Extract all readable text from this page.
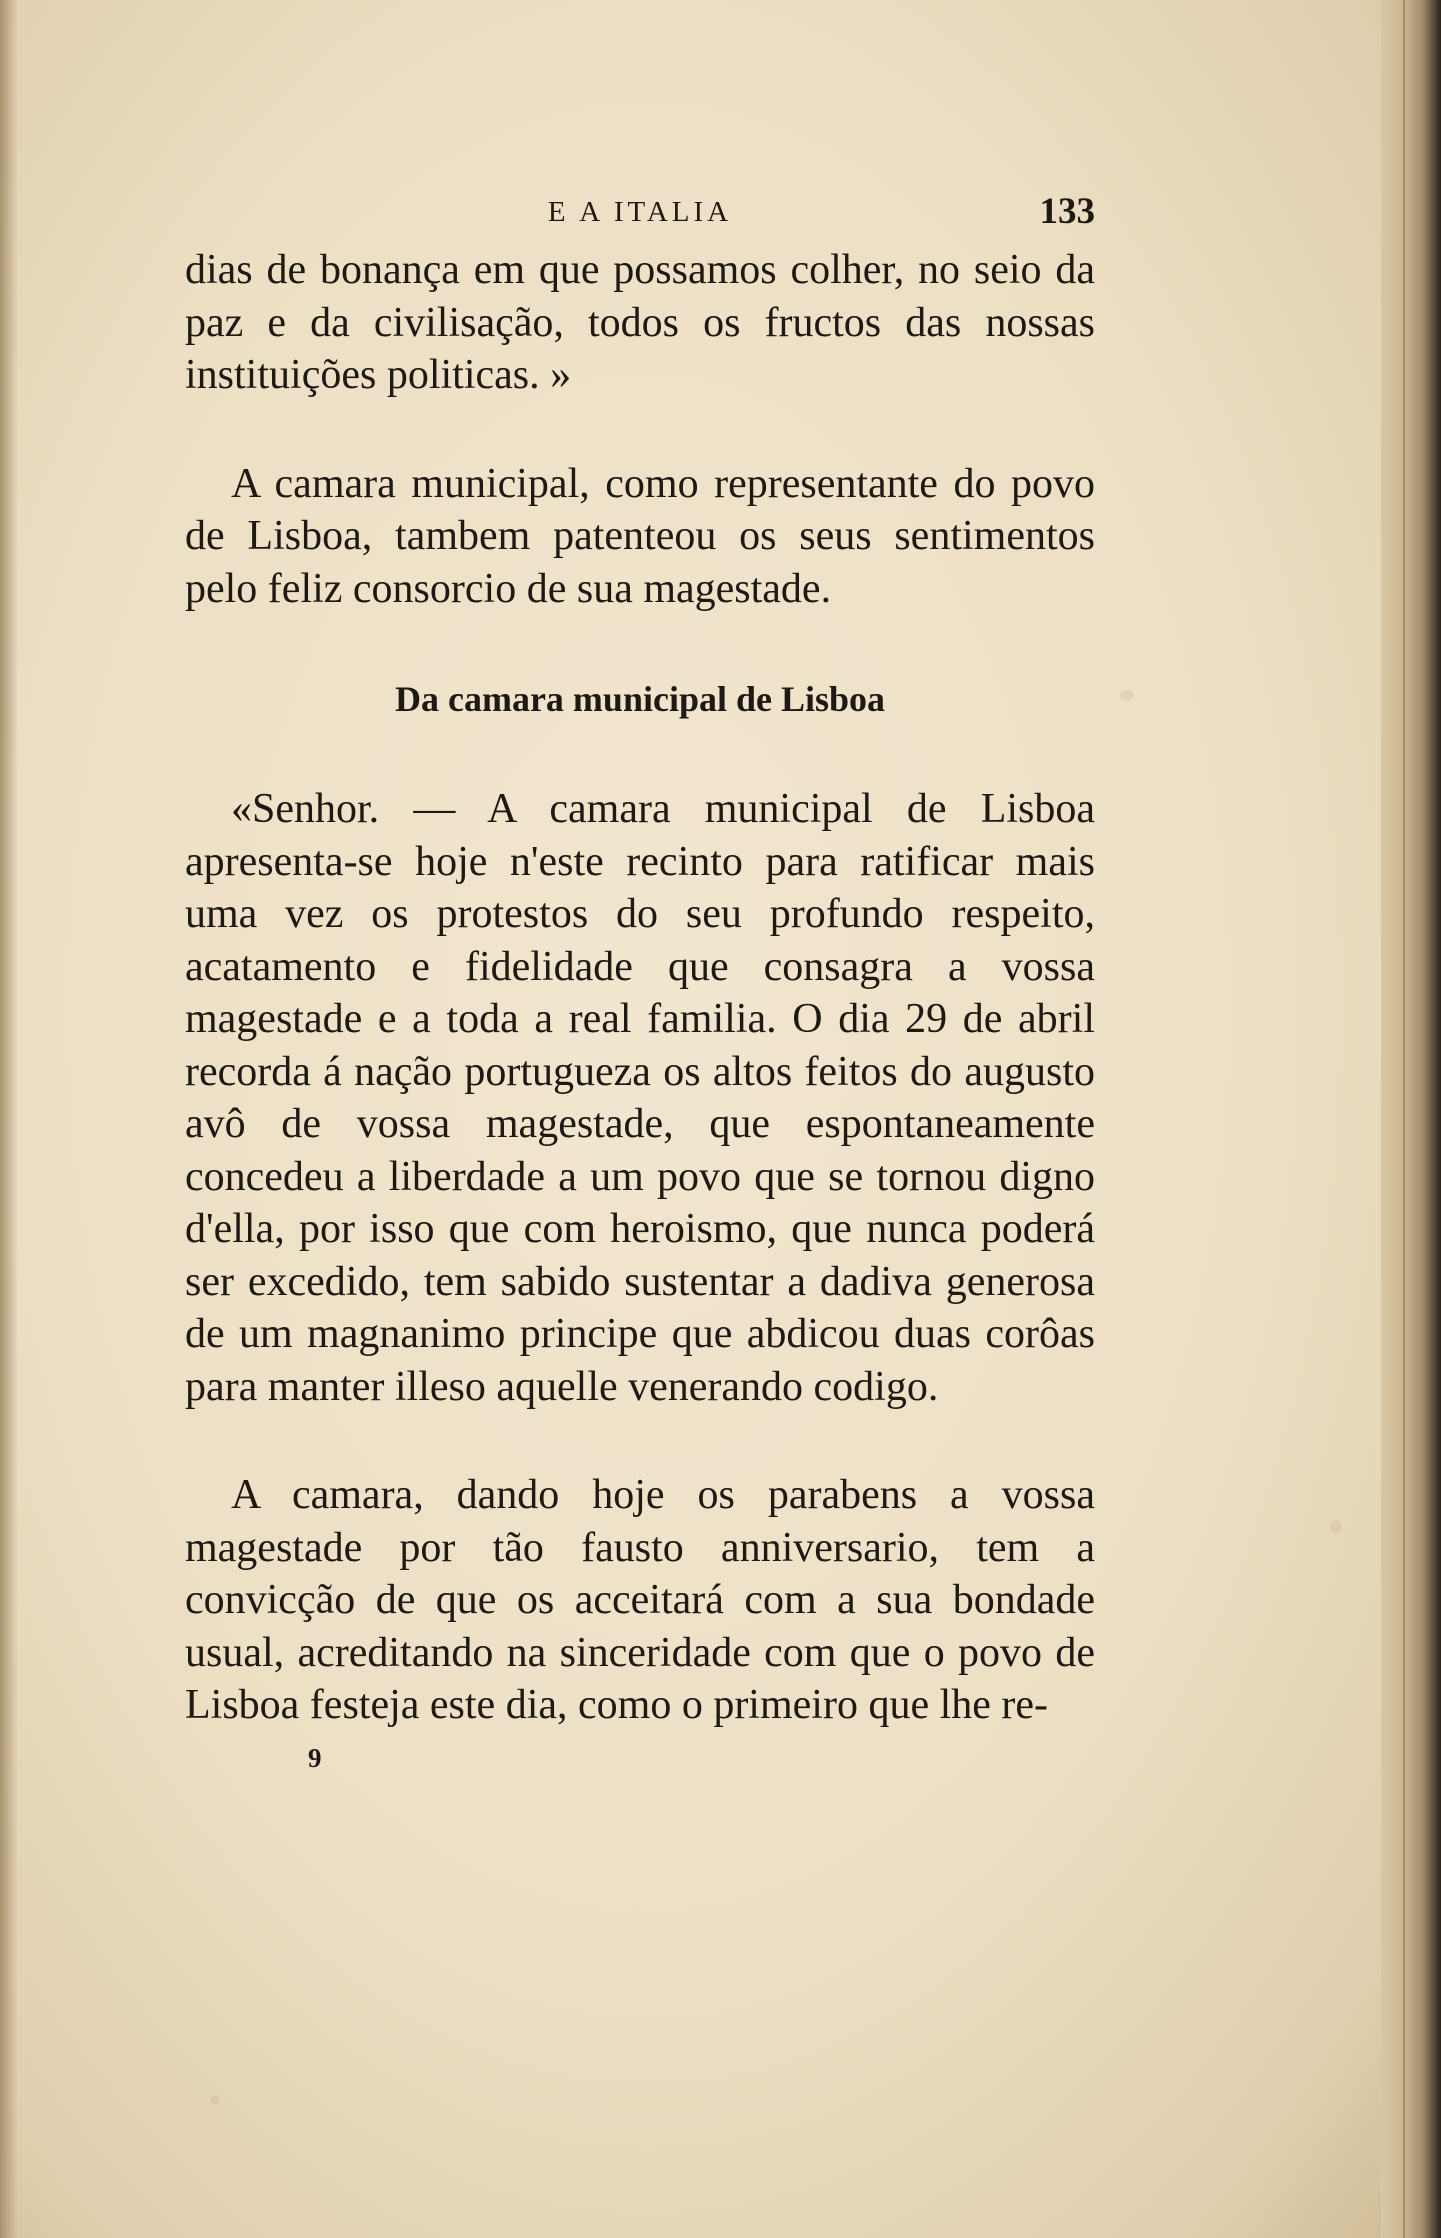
E A ITALIA	133

dias de bonança em que possamos colher, no seio da paz e da civilisação, todos os fructos das nossas instituições politicas. »

A camara municipal, como representante do povo de Lisboa, tambem patenteou os seus sentimentos pelo feliz consorcio de sua magestade.

Da camara municipal de Lisboa

«Senhor. — A camara municipal de Lisboa apresenta-se hoje n'este recinto para ratificar mais uma vez os protestos do seu profundo respeito, acatamento e fidelidade que consagra a vossa magestade e a toda a real familia. O dia 29 de abril recorda á nação portugueza os altos feitos do augusto avô de vossa magestade, que espontaneamente concedeu a liberdade a um povo que se tornou digno d'ella, por isso que com heroismo, que nunca poderá ser excedido, tem sabido sustentar a dadiva generosa de um magnanimo principe que abdicou duas corôas para manter illeso aquelle venerando codigo.

A camara, dando hoje os parabens a vossa magestade por tão fausto anniversario, tem a convicção de que os acceitará com a sua bondade usual, acreditando na sinceridade com que o povo de Lisboa festeja este dia, como o primeiro que lhe re-

9
